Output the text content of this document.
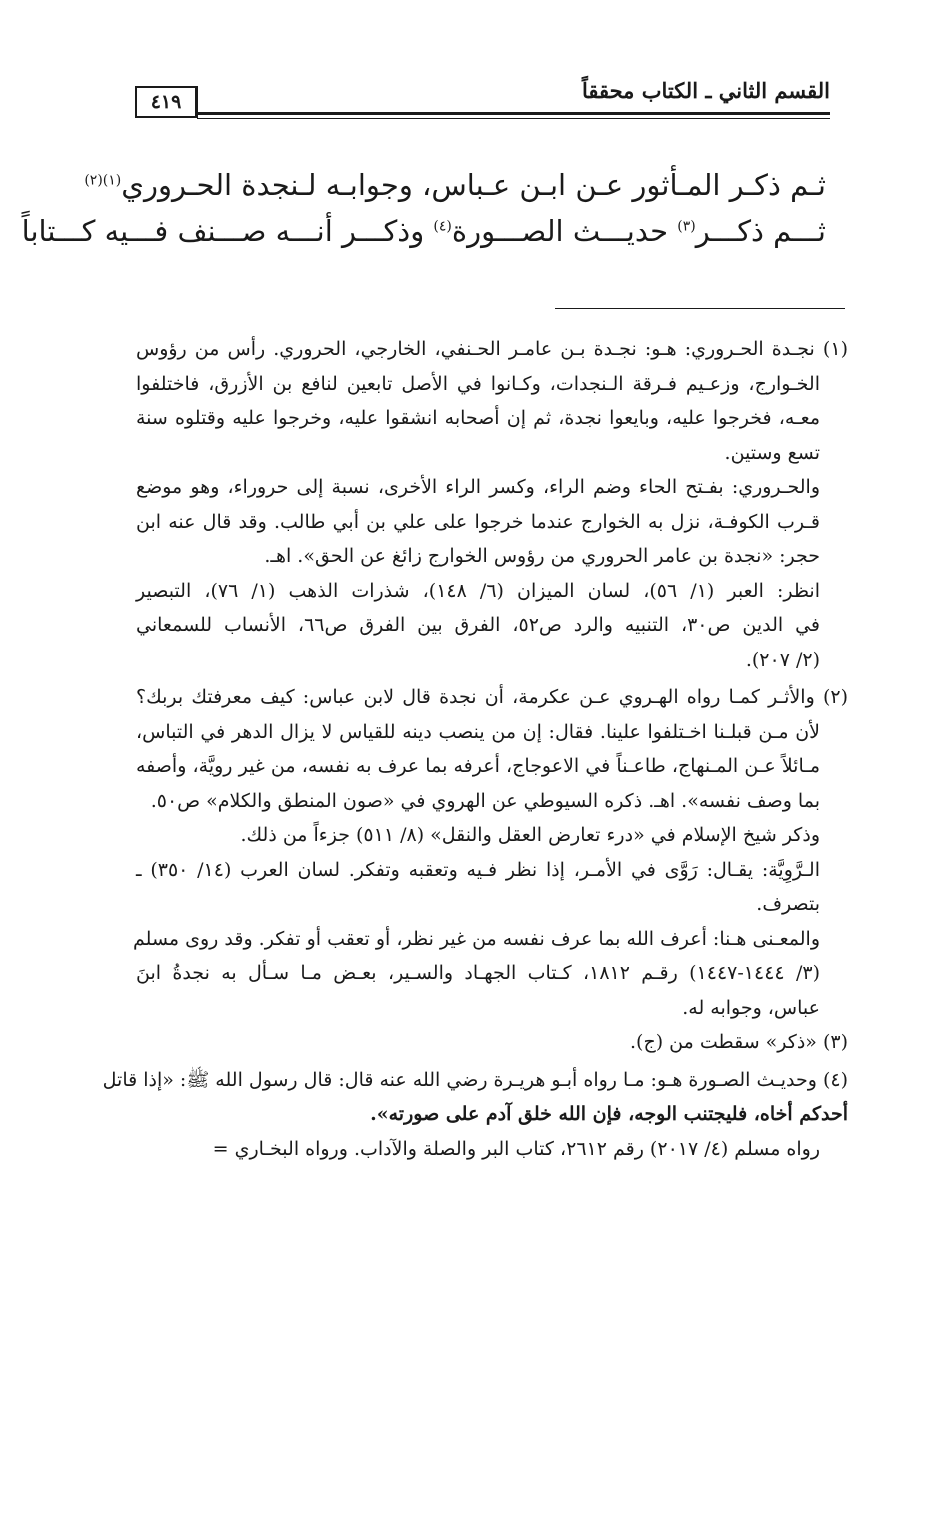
القسم الثاني ـ الكتاب محققاً
٤١٩

ثـم ذكـر المـأثور عـن ابـن عـباس، وجوابـه لـنجدة الحـروري$^{(١)(٢)}$

ثـــم ذكـــر$^{(٣)}$ حديـــث الصـــورة$^{(٤)}$ وذكـــر أنـــه صـــنف فـــيه كـــتاباً

(١) نجـدة الحـروري: هـو: نجـدة بـن عامـر الحـنفي، الخارجي، الحروري. رأس من رؤوس
الخـوارج، وزعـيم فـرقة الـنجدات، وكـانوا في الأصل تابعين لنافع بن الأزرق، فاختلفوا
معـه، فخرجوا عليه، وبايعوا نجدة، ثم إن أصحابه انشقوا عليه، وخرجوا عليه وقتلوه سنة
تسع وستين.
والحـروري: بفـتح الحاء وضم الراء، وكسر الراء الأخرى، نسبة إلى حروراء، وهو موضع
قـرب الكوفـة، نزل به الخوارج عندما خرجوا على علي بن أبي طالب. وقد قال عنه ابن
حجر: «نجدة بن عامر الحروري من رؤوس الخوارج زائغ عن الحق». اهـ.
انظر: العبر (١/ ٥٦)، لسان الميزان (٦/ ١٤٨)، شذرات الذهب (١/ ٧٦)، التبصير
في الدين ص٣٠، التنبيه والرد ص٥٢، الفرق بين الفرق ص٦٦، الأنساب للسمعاني
(٢/ ٢٠٧).
(٢) والأثـر كمـا رواه الهـروي عـن عكرمة، أن نجدة قال لابن عباس: كيف معرفتك بربك؟
لأن مـن قبلـنا اخـتلفوا علينا. فقال: إن من ينصب دينه للقياس لا يزال الدهر في التباس،
مـائلاً عـن المـنهاج، طاعـناً في الاعوجاج، أعرفه بما عرف به نفسه، من غير رويَّة، وأصفه
بما وصف نفسه». اهـ. ذكره السيوطي عن الهروي في «صون المنطق والكلام» ص٥٠.
وذكر شيخ الإسلام في «درء تعارض العقل والنقل» (٨/ ٥١١) جزءاً من ذلك.
الـرَّوِيَّة: يقـال: رَوَّى في الأمـر، إذا نظر فـيه وتعقبه وتفكر. لسان العرب (١٤/ ٣٥٠) ـ
بتصرف.
والمعـنى هـنا: أعرف الله بما عرف نفسه من غير نظر، أو تعقب أو تفكر. وقد روى مسلم
(٣/ ١٤٤٤-١٤٤٧) رقـم ١٨١٢، كـتاب الجهـاد والسـير، بعـض مـا سـأل به نجدةُ ابنَ
عباس، وجوابه له.
(٣) «ذكر» سقطت من (ج).
(٤) وحديـث الصـورة هـو: مـا رواه أبـو هريـرة رضي الله عنه قال: قال رسول الله ﷺ: «إذا قاتل
أحدكم أخاه، فليجتنب الوجه، فإن الله خلق آدم على صورته».
رواه مسلم (٤/ ٢٠١٧) رقم ٢٦١٢، كتاب البر والصلة والآداب. ورواه البخـاري =
